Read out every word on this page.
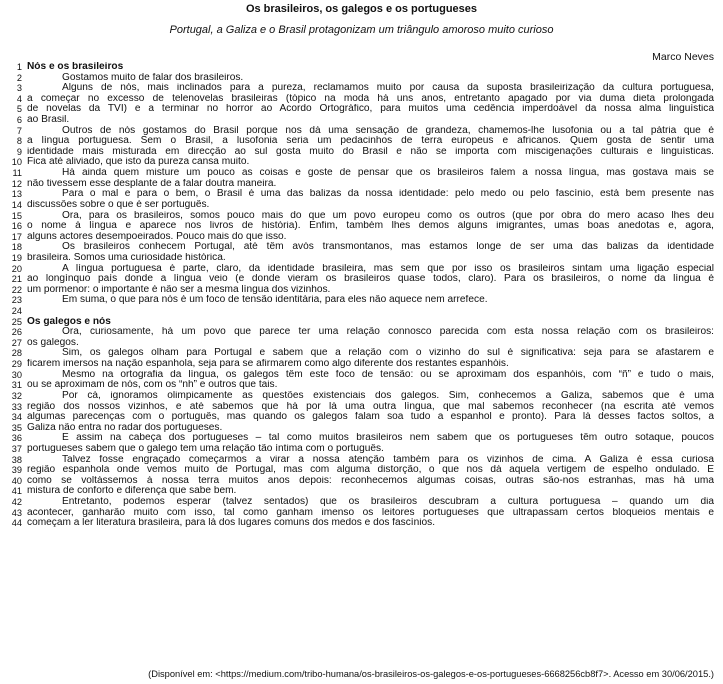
Os brasileiros, os galegos e os portugueses
Portugal, a Galiza e o Brasil protagonizam um triângulo amoroso muito curioso
Marco Neves
1 Nós e os brasileiros
2	Gostamos muito de falar dos brasileiros.
3	Alguns de nós, mais inclinados para a pureza, reclamamos muito por causa da suposta brasileirização da cultura portuguesa,
4 a começar no excesso de telenovelas brasileiras (tópico na moda há uns anos, entretanto apagado por via duma dieta prolongada
5 de novelas da TVI) e a terminar no horror ao Acordo Ortográfico, para muitos uma cedência imperdoável da nossa alma linguística
6 ao Brasil.
7	Outros de nós gostamos do Brasil porque nos dá uma sensação de grandeza, chamemos-lhe lusofonia ou a tal pátria que é
8 a língua portuguesa. Sem o Brasil, a lusofonia seria um pedacinhos de terra europeus e africanos. Quem gosta de sentir uma
9 identidade mais misturada em direcção ao sul gosta muito do Brasil e não se importa com miscigenações culturais e linguísticas.
10 Fica até aliviado, que isto da pureza cansa muito.
11	Há ainda quem misture um pouco as coisas e goste de pensar que os brasileiros falem a nossa língua, mas gostava mais se
12 não tivessem esse desplante de a falar doutra maneira.
13	Para o mal e para o bem, o Brasil é uma das balizas da nossa identidade: pelo medo ou pelo fascínio, está bem presente nas
14 discussões sobre o que é ser português.
15	Ora, para os brasileiros, somos pouco mais do que um povo europeu como os outros (que por obra do mero acaso lhes deu
16 o nome à língua e aparece nos livros de história). Enfim, também lhes demos alguns imigrantes, umas boas anedotas e, agora,
17 alguns actores desempoeirados. Pouco mais do que isso.
18	Os brasileiros conhecem Portugal, até têm avós transmontanos, mas estamos longe de ser uma das balizas da identidade
19 brasileira. Somos uma curiosidade histórica.
20	A língua portuguesa é parte, claro, da identidade brasileira, mas sem que por isso os brasileiros sintam uma ligação especial
21 ao longínquo país donde a língua veio (e donde vieram os brasileiros quase todos, claro). Para os brasileiros, o nome da língua é
22 um pormenor: o importante é não ser a mesma língua dos vizinhos.
23	Em suma, o que para nós é um foco de tensão identitária, para eles não aquece nem arrefece.
24
25 Os galegos e nós
26	Ora, curiosamente, há um povo que parece ter uma relação connosco parecida com esta nossa relação com os brasileiros:
27 os galegos.
28	Sim, os galegos olham para Portugal e sabem que a relação com o vizinho do sul é significativa: seja para se afastarem e
29 ficarem imersos na nação espanhola, seja para se afirmarem como algo diferente dos restantes espanhóis.
30	Mesmo na ortografia da língua, os galegos têm este foco de tensão: ou se aproximam dos espanhóis, com “ñ” e tudo o mais,
31 ou se aproximam de nós, com os “nh” e outros que tais.
32	Por cá, ignoramos olimpicamente as questões existenciais dos galegos. Sim, conhecemos a Galiza, sabemos que é uma
33 região dos nossos vizinhos, e até sabemos que há por lá uma outra língua, que mal sabemos reconhecer (na escrita até vemos
34 algumas parecenças com o português, mas quando os galegos falam soa tudo a espanhol e pronto). Para lá desses factos soltos, a
35 Galiza não entra no radar dos portugueses.
36	É assim na cabeça dos portugueses – tal como muitos brasileiros nem sabem que os portugueses têm outro sotaque, poucos
37 portugueses sabem que o galego tem uma relação tão íntima com o português.
38	Talvez fosse engraçado começarmos a virar a nossa atenção também para os vizinhos de cima. A Galiza é essa curiosa
39 região espanhola onde vemos muito de Portugal, mas com alguma distorção, o que nos dá aquela vertigem de espelho ondulado. É
40 como se voltássemos à nossa terra muitos anos depois: reconhecemos algumas coisas, outras são-nos estranhas, mas há uma
41 mistura de conforto e diferença que sabe bem.
42	Entretanto, podemos esperar (talvez sentados) que os brasileiros descubram a cultura portuguesa – quando um dia
43 acontecer, ganharão muito com isso, tal como ganham imenso os leitores portugueses que ultrapassam certos bloqueios mentais e
44 começam a ler literatura brasileira, para lá dos lugares comuns dos medos e dos fascínios.
(Disponível em: <https://medium.com/tribo-humana/os-brasileiros-os-galegos-e-os-portugueses-6668256cb8f7>. Acesso em 30/06/2015.)
